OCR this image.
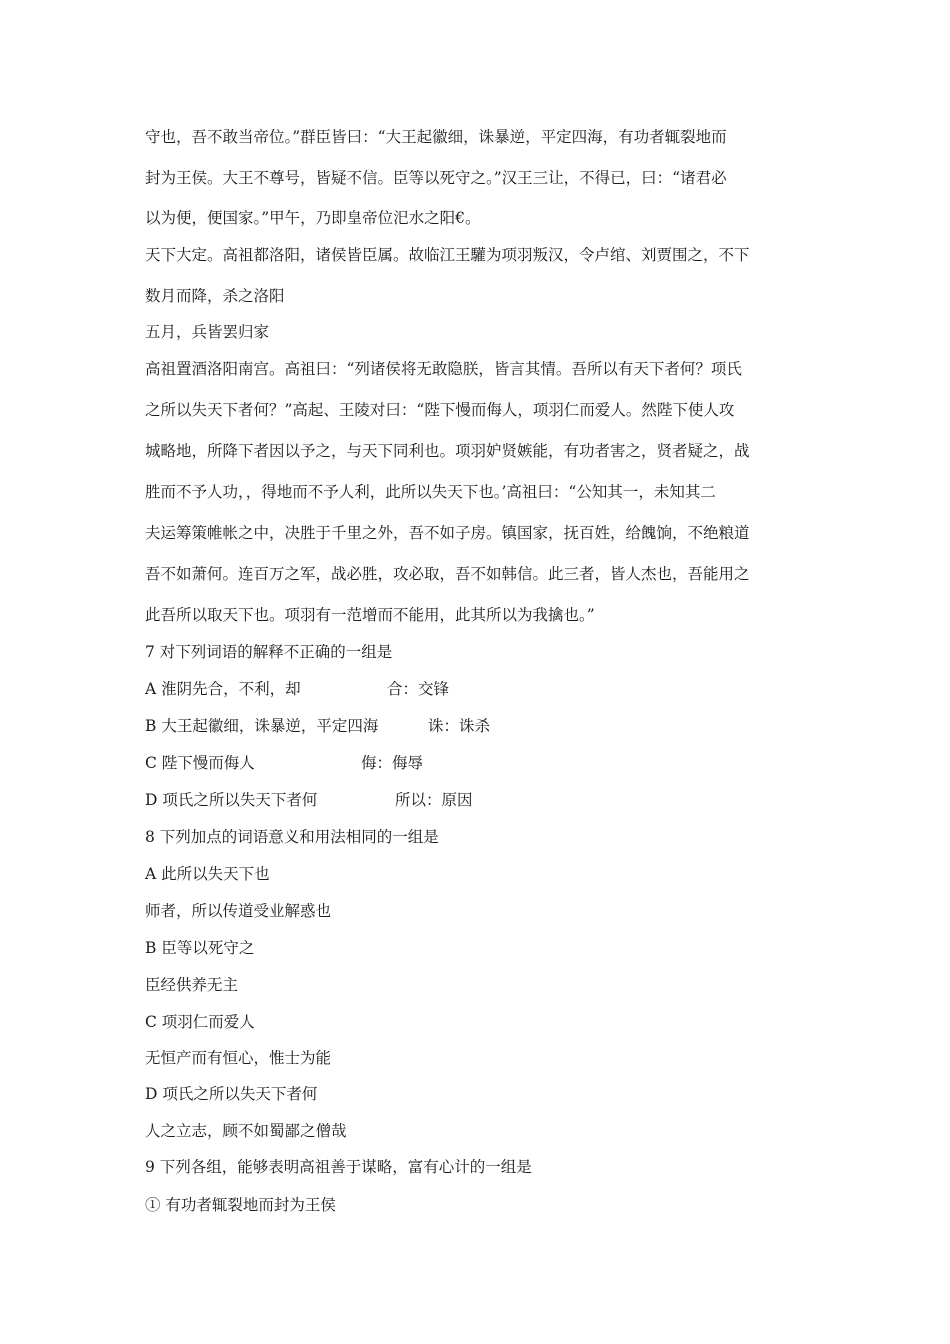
守也，吾不敢当帝位。”群臣皆曰：“大王起徽细，诛暴逆，平定四海，有功者辄裂地而
封为王侯。大王不尊号，皆疑不信。臣等以死守之。”汉王三让，不得已，曰：“诸君必
以为便，便国家。”甲午，乃即皇帝位汜水之阳€。
天下大定。高祖都洛阳，诸侯皆臣属。故临江王驩为项羽叛汉，令卢绾、刘贾围之，不下
数月而降，杀之洛阳
五月，兵皆罢归家
高祖置酒洛阳南宫。高祖曰：“列诸侯将无敢隐朕，皆言其情。吾所以有天下者何？项氏
之所以失天下者何？”高起、王陵对曰：“陛下慢而侮人，项羽仁而爱人。然陛下使人攻
城略地，所降下者因以予之，与天下同利也。项羽妒贤嫉能，有功者害之，贤者疑之，战
胜而不予人功，，得地而不予人利，此所以失天下也。’高祖曰：“公知其一，未知其二
夫运筹策帷帐之中，决胜于千里之外，吾不如子房。镇国家，抚百姓，给餽饷，不绝粮道
吾不如萧何。连百万之军，战必胜，攻必取，吾不如韩信。此三者，皆人杰也，吾能用之
此吾所以取天下也。项羽有一范增而不能用，此其所以为我擒也。”
7 对下列词语的解释不正确的一组是
A 淮阴先合，不利，却	合：交锋
B 大王起徽细，诛暴逆，平定四海	诛：诛杀
C 陛下慢而侮人	侮：侮辱
D 项氏之所以失天下者何	所以：原因
8 下列加点的词语意义和用法相同的一组是
A 此所以失天下也
师者，所以传道受业解惑也
B 臣等以死守之
臣经供养无主
C 项羽仁而爱人
无恒产而有恒心，惟士为能
D 项氏之所以失天下者何
人之立志，顾不如蜀鄙之僧哉
9 下列各组，能够表明高祖善于谋略，富有心计的一组是
① 有功者辄裂地而封为王侯
